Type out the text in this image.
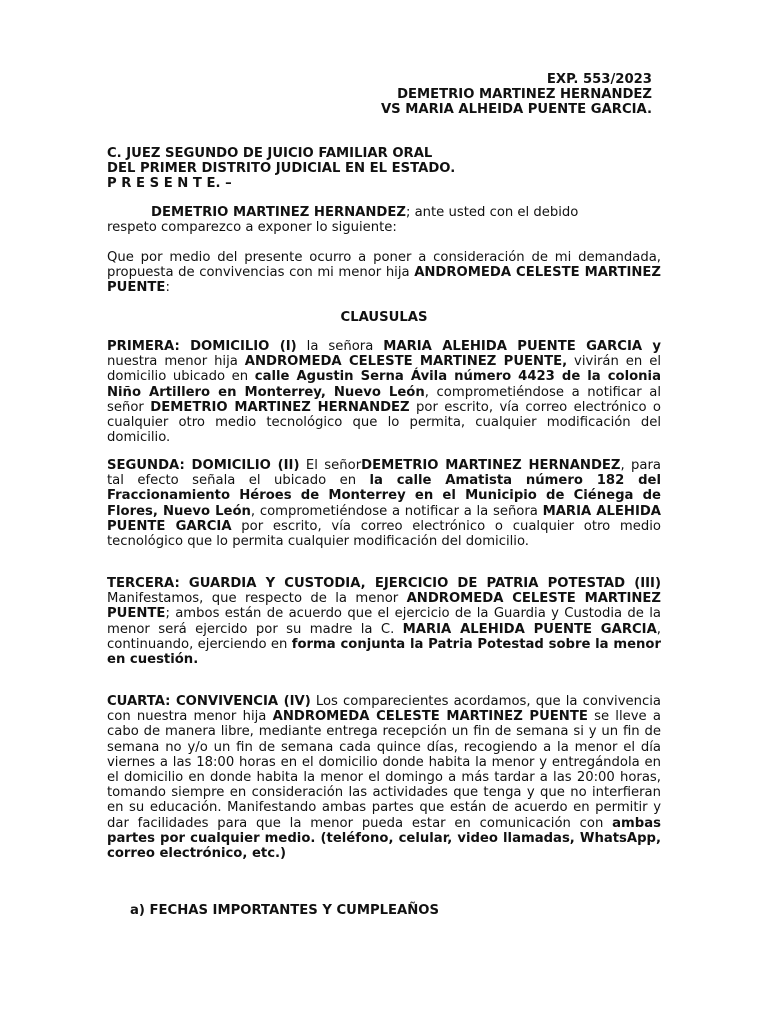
EXP. 553/2023
DEMETRIO MARTINEZ HERNANDEZ
VS MARIA ALHEIDA PUENTE GARCIA.
C. JUEZ SEGUNDO DE JUICIO FAMILIAR ORAL
DEL PRIMER DISTRITO JUDICIAL EN EL ESTADO.
P R E S E N T E. –
DEMETRIO MARTINEZ HERNANDEZ; ante usted con el debido
respeto comparezco a exponer lo siguiente:
Que por medio del presente ocurro a poner a consideración de mi demandada, propuesta de convivencias con mi menor hija ANDROMEDA CELESTE MARTINEZ PUENTE:
CLAUSULAS
PRIMERA: DOMICILIO (I) la señora MARIA ALEHIDA PUENTE GARCIA y nuestra menor hija ANDROMEDA CELESTE MARTINEZ PUENTE, vivirán en el domicilio ubicado en calle Agustin Serna Ávila número 4423 de la colonia Niño Artillero en Monterrey, Nuevo León, comprometiéndose a notificar al señor DEMETRIO MARTINEZ HERNANDEZ por escrito, vía correo electrónico o cualquier otro medio tecnológico que lo permita, cualquier modificación del domicilio.
SEGUNDA: DOMICILIO (II) El señorDEMETRIO MARTINEZ HERNANDEZ, para tal efecto señala el ubicado en la calle Amatista número 182 del Fraccionamiento Héroes de Monterrey en el Municipio de Ciénega de Flores, Nuevo León, comprometiéndose a notificar a la señora MARIA ALEHIDA PUENTE GARCIA por escrito, vía correo electrónico o cualquier otro medio tecnológico que lo permita cualquier modificación del domicilio.
TERCERA: GUARDIA Y CUSTODIA, EJERCICIO DE PATRIA POTESTAD (III) Manifestamos, que respecto de la menor ANDROMEDA CELESTE MARTINEZ PUENTE; ambos están de acuerdo que el ejercicio de la Guardia y Custodia de la menor será ejercido por su madre la C. MARIA ALEHIDA PUENTE GARCIA, continuando, ejerciendo en forma conjunta la Patria Potestad sobre la menor en cuestión.
CUARTA: CONVIVENCIA (IV) Los comparecientes acordamos, que la convivencia con nuestra menor hija ANDROMEDA CELESTE MARTINEZ PUENTE se lleve a cabo de manera libre, mediante entrega recepción un fin de semana si y un fin de semana no y/o un fin de semana cada quince días, recogiendo a la menor el día viernes a las 18:00 horas en el domicilio donde habita la menor y entregándola en el domicilio en donde habita la menor el domingo a más tardar a las 20:00 horas, tomando siempre en consideración las actividades que tenga y que no interfieran en su educación. Manifestando ambas partes que están de acuerdo en permitir y dar facilidades para que la menor pueda estar en comunicación con ambas partes por cualquier medio. (teléfono, celular, video llamadas, WhatsApp, correo electrónico, etc.)
a) FECHAS IMPORTANTES Y CUMPLEAÑOS
